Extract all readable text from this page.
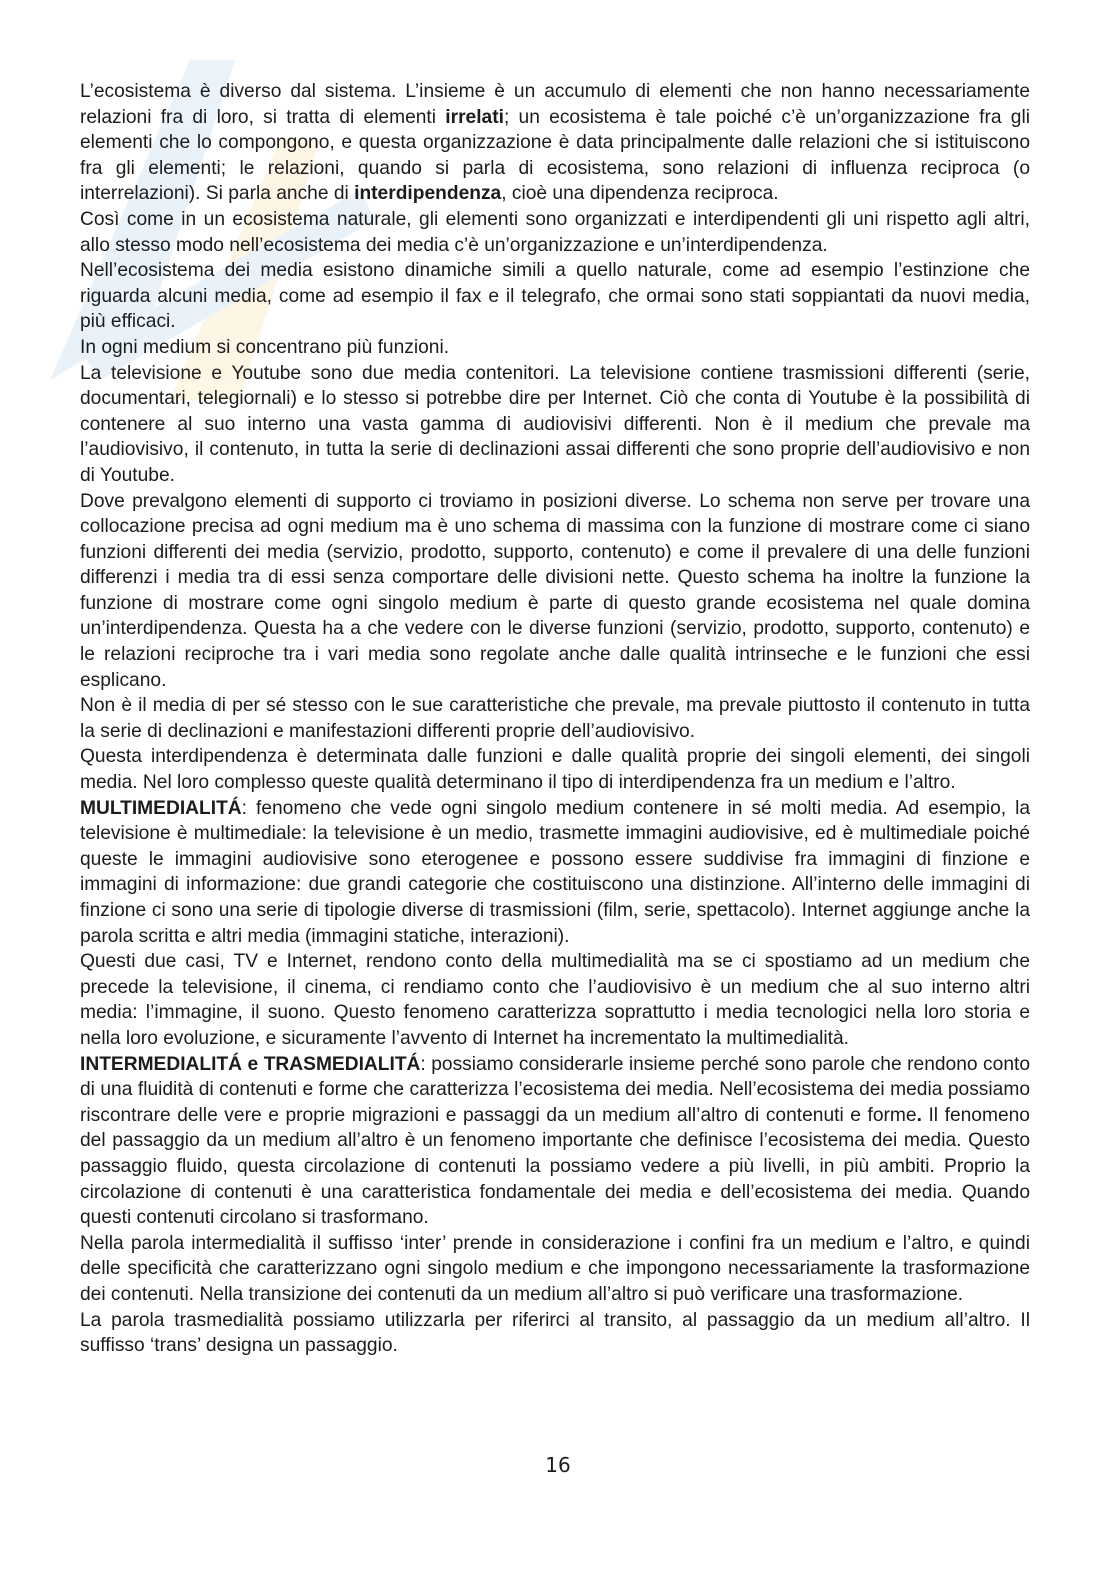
L’ecosistema è diverso dal sistema. L’insieme è un accumulo di elementi che non hanno necessariamente relazioni fra di loro, si tratta di elementi irrelati; un ecosistema è tale poiché c’è un’organizzazione fra gli elementi che lo compongono, e questa organizzazione è data principalmente dalle relazioni che si istituiscono fra gli elementi; le relazioni, quando si parla di ecosistema, sono relazioni di influenza reciproca (o interrelazioni). Si parla anche di interdipendenza, cioè una dipendenza reciproca.

Così come in un ecosistema naturale, gli elementi sono organizzati e interdipendenti gli uni rispetto agli altri, allo stesso modo nell’ecosistema dei media c’è un’organizzazione e un’interdipendenza.

Nell’ecosistema dei media esistono dinamiche simili a quello naturale, come ad esempio l’estinzione che riguarda alcuni media, come ad esempio il fax e il telegrafo, che ormai sono stati soppiantati da nuovi media, più efficaci.

In ogni medium si concentrano più funzioni.

La televisione e Youtube sono due media contenitori. La televisione contiene trasmissioni differenti (serie, documentari, telegiornali) e lo stesso si potrebbe dire per Internet. Ciò che conta di Youtube è la possibilità di contenere al suo interno una vasta gamma di audiovisivi differenti. Non è il medium che prevale ma l’audiovisivo, il contenuto, in tutta la serie di declinazioni assai differenti che sono proprie dell’audiovisivo e non di Youtube.

Dove prevalgono elementi di supporto ci troviamo in posizioni diverse. Lo schema non serve per trovare una collocazione precisa ad ogni medium ma è uno schema di massima con la funzione di mostrare come ci siano funzioni differenti dei media (servizio, prodotto, supporto, contenuto) e come il prevalere di una delle funzioni differenzi i media tra di essi senza comportare delle divisioni nette. Questo schema ha inoltre la funzione la funzione di mostrare come ogni singolo medium è parte di questo grande ecosistema nel quale domina un’interdipendenza. Questa ha a che vedere con le diverse funzioni (servizio, prodotto, supporto, contenuto) e le relazioni reciproche tra i vari media sono regolate anche dalle qualità intrinseche e le funzioni che essi esplicano.

Non è il media di per sé stesso con le sue caratteristiche che prevale, ma prevale piuttosto il contenuto in tutta la serie di declinazioni e manifestazioni differenti proprie dell’audiovisivo.

Questa interdipendenza è determinata dalle funzioni e dalle qualità proprie dei singoli elementi, dei singoli media. Nel loro complesso queste qualità determinano il tipo di interdipendenza fra un medium e l’altro.

MULTIMEDIALITÁ: fenomeno che vede ogni singolo medium contenere in sé molti media. Ad esempio, la televisione è multimediale: la televisione è un medio, trasmette immagini audiovisive, ed è multimediale poiché queste le immagini audiovisive sono eterogenee e possono essere suddivise fra immagini di finzione e immagini di informazione: due grandi categorie che costituiscono una distinzione. All’interno delle immagini di finzione ci sono una serie di tipologie diverse di trasmissioni (film, serie, spettacolo). Internet aggiunge anche la parola scritta e altri media (immagini statiche, interazioni).

Questi due casi, TV e Internet, rendono conto della multimedialità ma se ci spostiamo ad un medium che precede la televisione, il cinema, ci rendiamo conto che l’audiovisivo è un medium che al suo interno altri media: l’immagine, il suono. Questo fenomeno caratterizza soprattutto i media tecnologici nella loro storia e nella loro evoluzione, e sicuramente l’avvento di Internet ha incrementato la multimedialità.

INTERMEDIALITÁ e TRASMEDIALITÁ: possiamo considerarle insieme perché sono parole che rendono conto di una fluidità di contenuti e forme che caratterizza l’ecosistema dei media. Nell’ecosistema dei media possiamo riscontrare delle vere e proprie migrazioni e passaggi da un medium all’altro di contenuti e forme. Il fenomeno del passaggio da un medium all’altro è un fenomeno importante che definisce l’ecosistema dei media. Questo passaggio fluido, questa circolazione di contenuti la possiamo vedere a più livelli, in più ambiti. Proprio la circolazione di contenuti è una caratteristica fondamentale dei media e dell’ecosistema dei media. Quando questi contenuti circolano si trasformano.

Nella parola intermedialità il suffisso ‘inter’ prende in considerazione i confini fra un medium e l’altro, e quindi delle specificità che caratterizzano ogni singolo medium e che impongono necessariamente la trasformazione dei contenuti. Nella transizione dei contenuti da un medium all’altro si può verificare una trasformazione.

La parola trasmedialità possiamo utilizzarla per riferirci al transito, al passaggio da un medium all’altro. Il suffisso ‘trans’ designa un passaggio.

16
